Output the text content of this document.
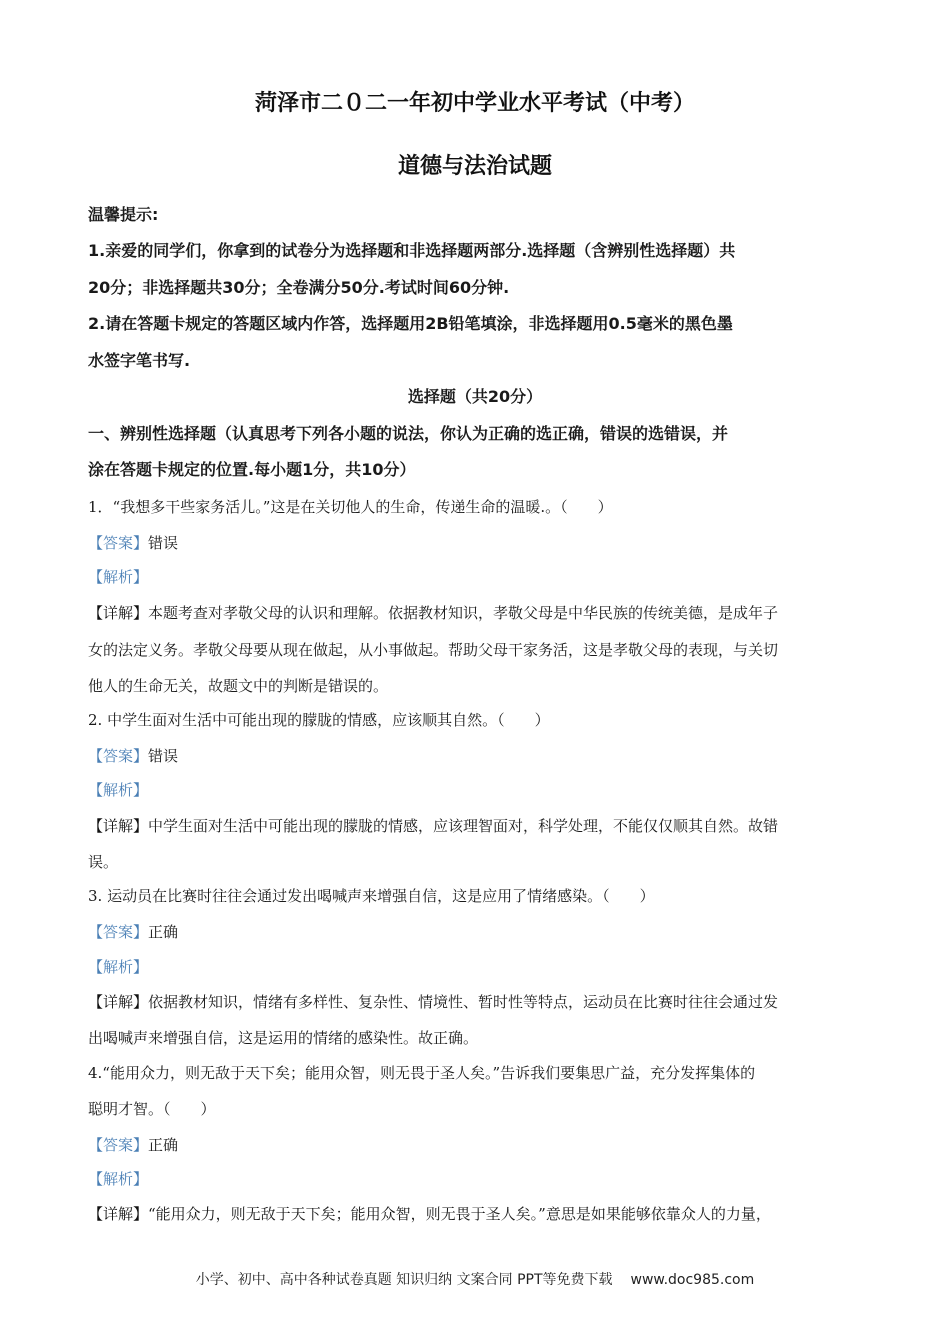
菏泽市二０二一年初中学业水平考试（中考）
道德与法治试题
温馨提示:
1.亲爱的同学们，你拿到的试卷分为选择题和非选择题两部分.选择题（含辨别性选择题）共
20分；非选择题共30分；全卷满分50分.考试时间60分钟.
2.请在答题卡规定的答题区域内作答，选择题用2B铅笔填涂，非选择题用0.5毫米的黑色墨
水签字笔书写.
选择题（共20分）
一、辨别性选择题（认真思考下列各小题的说法，你认为正确的选正确，错误的选错误，并
涂在答题卡规定的位置.每小题1分，共10分）
1．“我想多干些家务活儿。”这是在关切他人的生命，传递生命的温暖.。（　　）
【答案】错误
【解析】
【详解】本题考查对孝敬父母的认识和理解。依据教材知识，孝敬父母是中华民族的传统美德，是成年子
女的法定义务。孝敬父母要从现在做起，从小事做起。帮助父母干家务活，这是孝敬父母的表现，与关切
他人的生命无关，故题文中的判断是错误的。
2. 中学生面对生活中可能出现的朦胧的情感，应该顺其自然。（　　）
【答案】错误
【解析】
【详解】中学生面对生活中可能出现的朦胧的情感，应该理智面对，科学处理，不能仅仅顺其自然。故错
误。
3. 运动员在比赛时往往会通过发出喝喊声来增强自信，这是应用了情绪感染。（　　）
【答案】正确
【解析】
【详解】依据教材知识，情绪有多样性、复杂性、情境性、暂时性等特点，运动员在比赛时往往会通过发
出喝喊声来增强自信，这是运用的情绪的感染性。故正确。
4.“能用众力，则无敌于天下矣；能用众智，则无畏于圣人矣。”告诉我们要集思广益，充分发挥集体的
聪明才智。（　　）
【答案】正确
【解析】
【详解】“能用众力，则无敌于天下矣；能用众智，则无畏于圣人矣。”意思是如果能够依靠众人的力量，
小学、初中、高中各种试卷真题 知识归纳 文案合同 PPT等免费下载 www.doc985.com
